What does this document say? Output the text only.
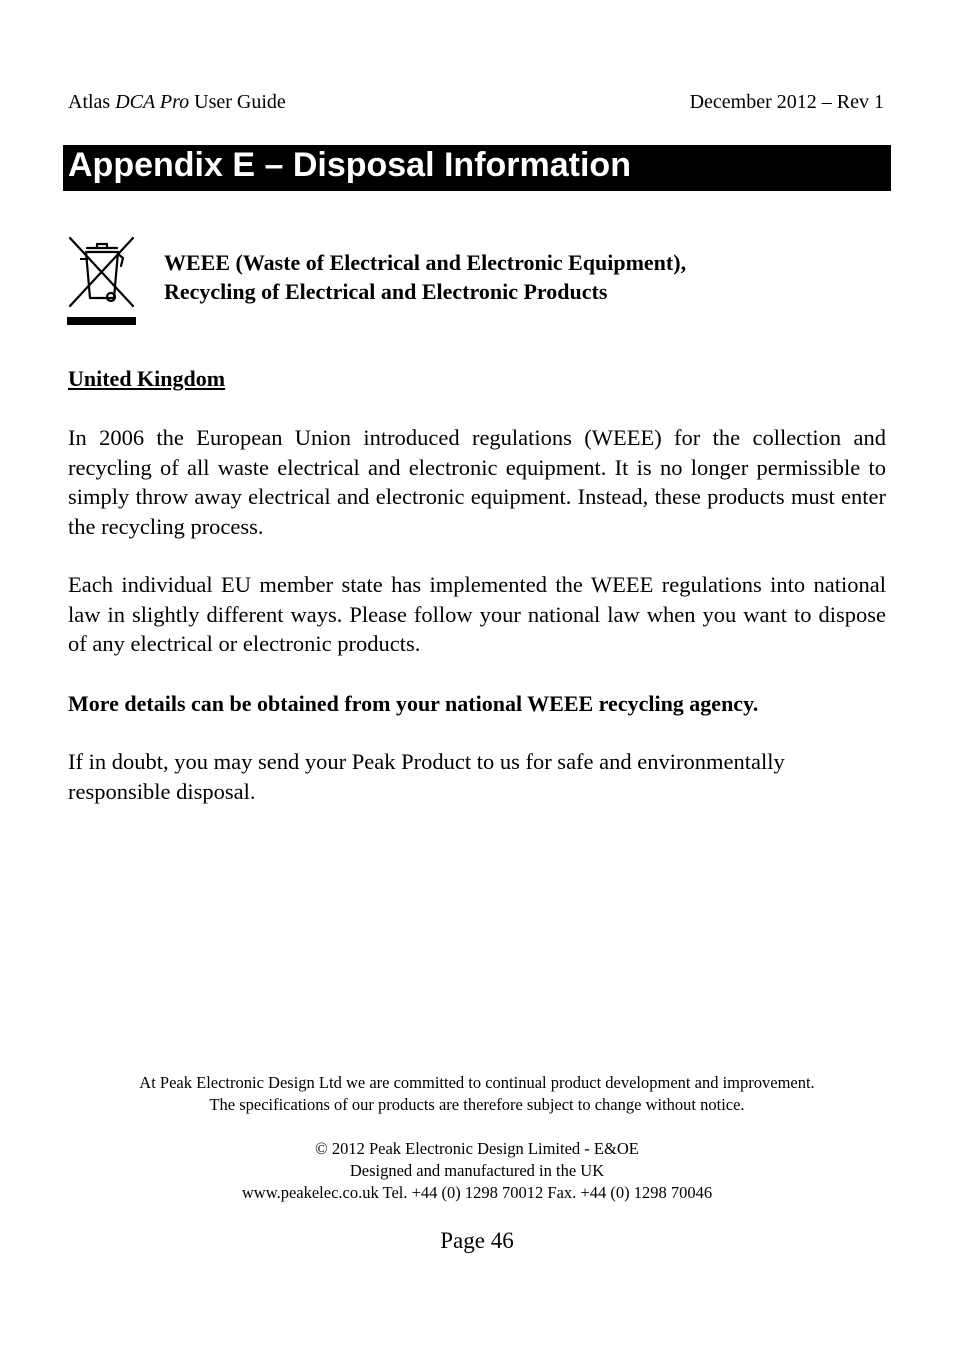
Atlas DCA Pro User Guide	December 2012 – Rev 1
Appendix E – Disposal Information
WEEE (Waste of Electrical and Electronic Equipment),
Recycling of Electrical and Electronic Products
United Kingdom

In 2006 the European Union introduced regulations (WEEE) for the collection and recycling of all waste electrical and electronic equipment. It is no longer permissible to simply throw away electrical and electronic equipment. Instead, these products must enter the recycling process.

Each individual EU member state has implemented the WEEE regulations into national law in slightly different ways. Please follow your national law when you want to dispose of any electrical or electronic products.

More details can be obtained from your national WEEE recycling agency.

If in doubt, you may send your Peak Product to us for safe and environmentally responsible disposal.

At Peak Electronic Design Ltd we are committed to continual product development and improvement.
The specifications of our products are therefore subject to change without notice.
© 2012 Peak Electronic Design Limited - E&OE
Designed and manufactured in the UK
www.peakelec.co.uk Tel. +44 (0) 1298 70012 Fax. +44 (0) 1298 70046
Page 46
